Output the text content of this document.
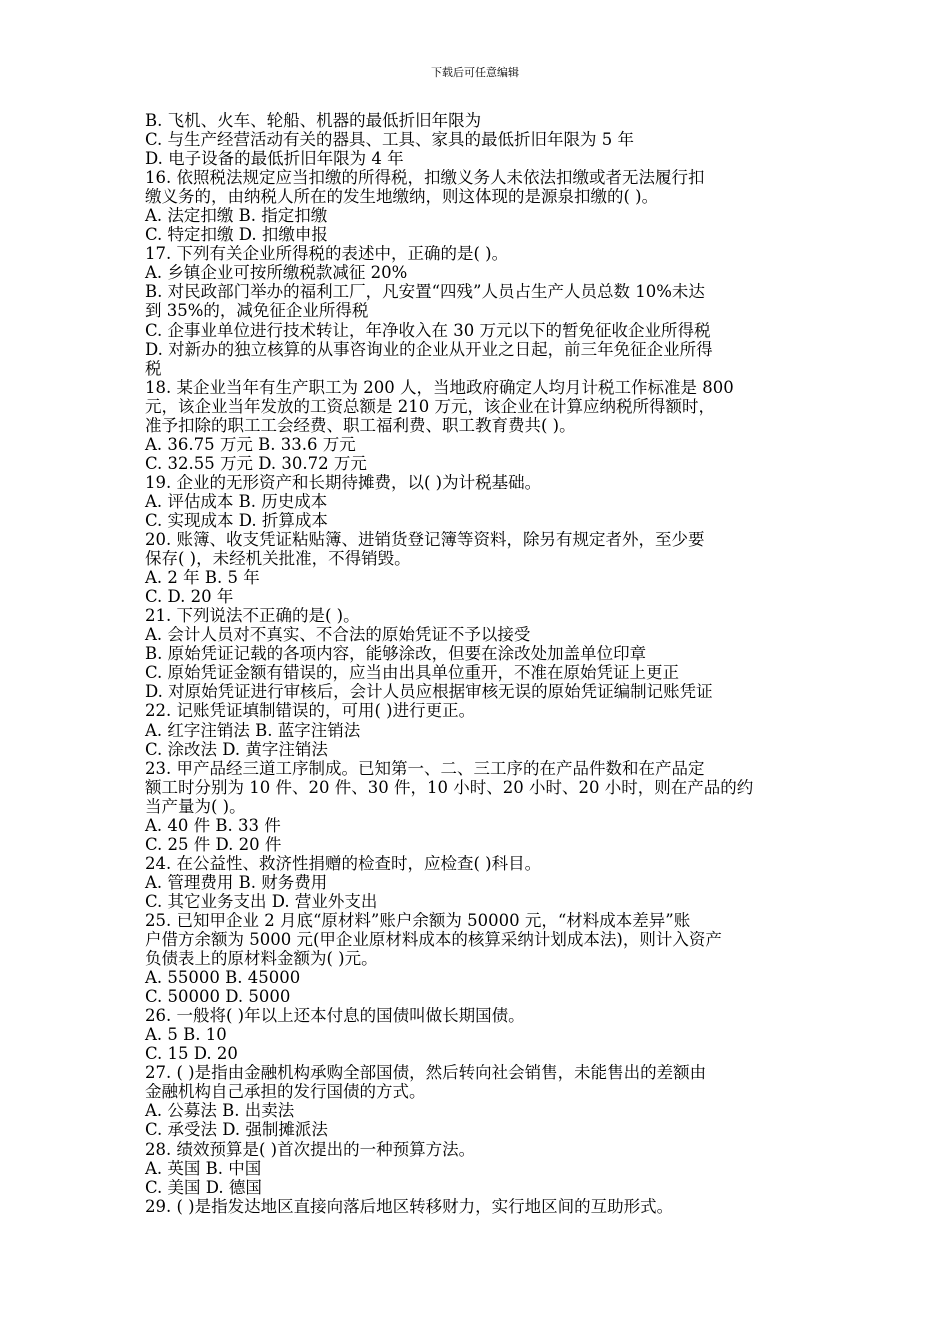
下载后可任意编辑
B. 飞机、火车、轮船、机器的最低折旧年限为
C. 与生产经营活动有关的器具、工具、家具的最低折旧年限为 5 年
D. 电子设备的最低折旧年限为 4 年
16. 依照税法规定应当扣缴的所得税，扣缴义务人未依法扣缴或者无法履行扣
缴义务的，由纳税人所在的发生地缴纳，则这体现的是源泉扣缴的( )。
A. 法定扣缴 B. 指定扣缴
C. 特定扣缴 D. 扣缴申报
17. 下列有关企业所得税的表述中，正确的是( )。
A. 乡镇企业可按所缴税款减征 20%
B. 对民政部门举办的福利工厂，凡安置“四残”人员占生产人员总数 10%未达
到 35%的，减免征企业所得税
C. 企事业单位进行技术转让，年净收入在 30 万元以下的暂免征收企业所得税
D. 对新办的独立核算的从事咨询业的企业从开业之日起，前三年免征企业所得
税
18. 某企业当年有生产职工为 200 人，当地政府确定人均月计税工作标准是 800
元，该企业当年发放的工资总额是 210 万元，该企业在计算应纳税所得额时，
准予扣除的职工工会经费、职工福利费、职工教育费共( )。
A. 36.75 万元 B. 33.6 万元
C. 32.55 万元 D. 30.72 万元
19. 企业的无形资产和长期待摊费，以( )为计税基础。
A. 评估成本 B. 历史成本
C. 实现成本 D. 折算成本
20. 账簿、收支凭证粘贴簿、进销货登记簿等资料，除另有规定者外，至少要
保存( )，未经机关批准，不得销毁。
A. 2 年 B. 5 年
C. D. 20 年
21. 下列说法不正确的是( )。
A. 会计人员对不真实、不合法的原始凭证不予以接受
B. 原始凭证记载的各项内容，能够涂改，但要在涂改处加盖单位印章
C. 原始凭证金额有错误的，应当由出具单位重开，不准在原始凭证上更正
D. 对原始凭证进行审核后，会计人员应根据审核无误的原始凭证编制记账凭证
22. 记账凭证填制错误的，可用( )进行更正。
A. 红字注销法 B. 蓝字注销法
C. 涂改法 D. 黄字注销法
23. 甲产品经三道工序制成。已知第一、二、三工序的在产品件数和在产品定
额工时分别为 10 件、20 件、30 件，10 小时、20 小时、20 小时，则在产品的约
当产量为( )。
A. 40 件 B. 33 件
C. 25 件 D. 20 件
24. 在公益性、救济性捐赠的检查时，应检查( )科目。
A. 管理费用 B. 财务费用
C. 其它业务支出 D. 营业外支出
25. 已知甲企业 2 月底“原材料”账户余额为 50000 元，“材料成本差异”账
户借方余额为 5000 元(甲企业原材料成本的核算采纳计划成本法)，则计入资产
负债表上的原材料金额为( )元。
A. 55000 B. 45000
C. 50000 D. 5000
26. 一般将( )年以上还本付息的国债叫做长期国债。
A. 5 B. 10
C. 15 D. 20
27. ( )是指由金融机构承购全部国债，然后转向社会销售，未能售出的差额由
金融机构自己承担的发行国债的方式。
A. 公募法 B. 出卖法
C. 承受法 D. 强制摊派法
28. 绩效预算是( )首次提出的一种预算方法。
A. 英国 B. 中国
C. 美国 D. 德国
29. ( )是指发达地区直接向落后地区转移财力，实行地区间的互助形式。
